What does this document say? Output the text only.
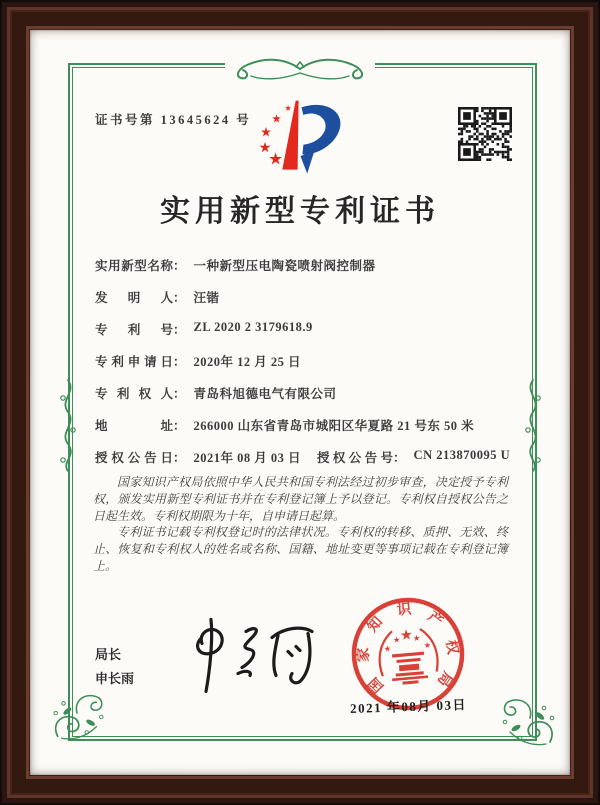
证书号第 13645624 号
实用新型专利证书
实用新型名称 ： 一种新型压电陶瓷喷射阀控制器
发明人 ： 汪锴
专利号 ： ZL 2020 2 3179618.9
专利申请日 ： 2020年 12 月 25 日
专利权人 ： 青岛科旭德电气有限公司
地址 ： 266000 山东省青岛市城阳区华夏路 21 号东 50 米
授权公告日 ： 2021年 08 月 03 日 授权公告号 ： CN 213870095 U

国家知识产权局依照中华人民共和国专利法经过初步审查，决定授予专利权，颁发实用新型专利证书并在专利登记簿上予以登记。专利权自授权公告之日起生效。专利权期限为十年，自申请日起算。

专利证书记载专利权登记时的法律状况。专利权的转移、质押、无效、终止、恢复和专利权人的姓名或名称、国籍、地址变更等事项记载在专利登记簿上。

局长
申长雨
2021 年08月 03日
国
家
知
识 产
权
局
